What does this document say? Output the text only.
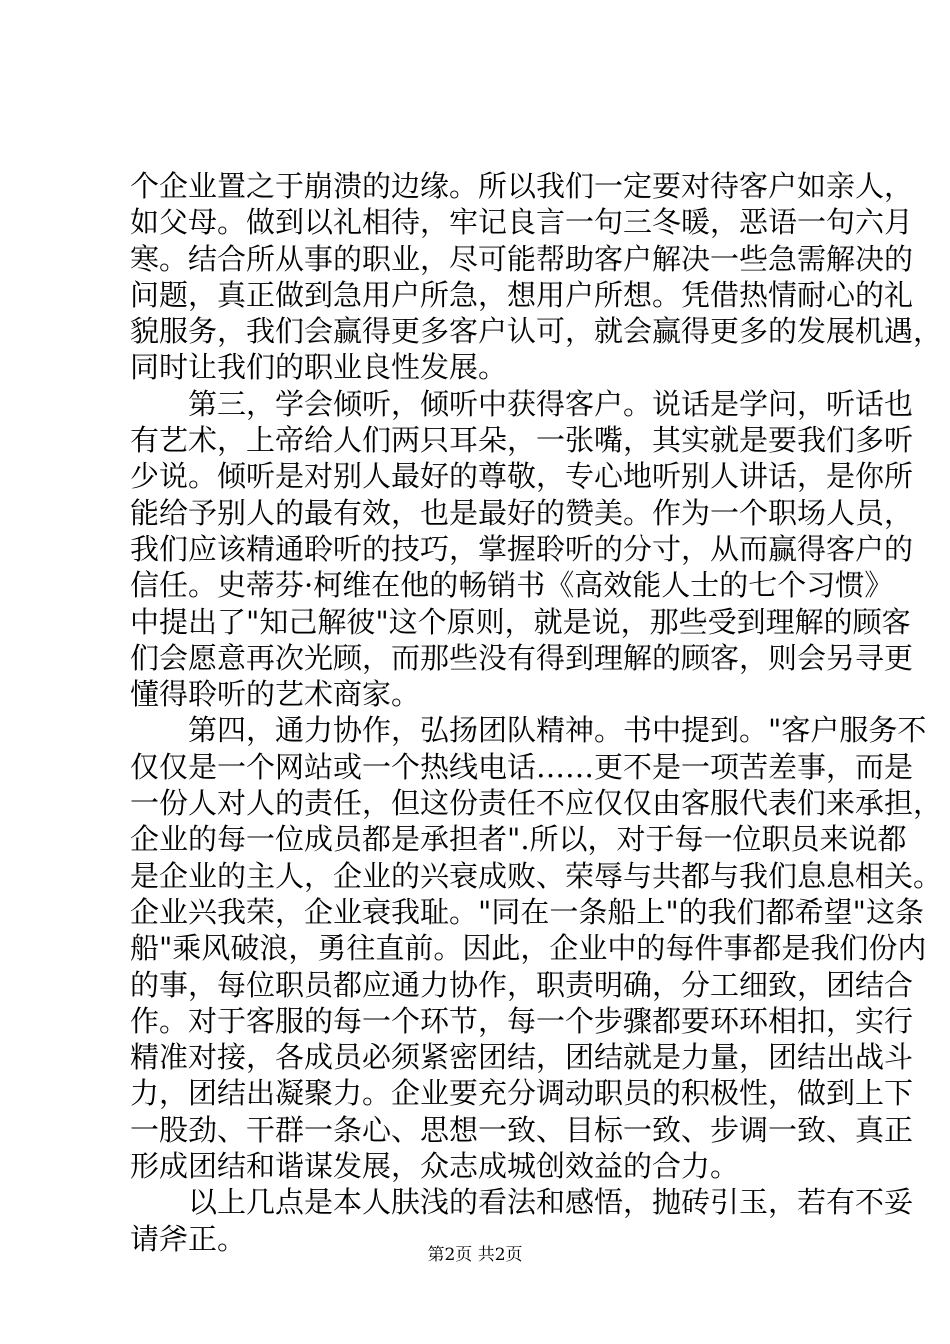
个企业置之于崩溃的边缘。所以我们一定要对待客户如亲人，
如父母。做到以礼相待，牢记良言一句三冬暖，恶语一句六月
寒。结合所从事的职业，尽可能帮助客户解决一些急需解决的
问题，真正做到急用户所急，想用户所想。凭借热情耐心的礼
貌服务，我们会赢得更多客户认可，就会赢得更多的发展机遇，
同时让我们的职业良性发展。
第三，学会倾听，倾听中获得客户。说话是学问，听话也
有艺术，上帝给人们两只耳朵，一张嘴，其实就是要我们多听
少说。倾听是对别人最好的尊敬，专心地听别人讲话，是你所
能给予别人的最有效，也是最好的赞美。作为一个职场人员，
我们应该精通聆听的技巧，掌握聆听的分寸，从而赢得客户的
信任。史蒂芬·柯维在他的畅销书《高效能人士的七个习惯》
中提出了"知己解彼"这个原则，就是说，那些受到理解的顾客
们会愿意再次光顾，而那些没有得到理解的顾客，则会另寻更
懂得聆听的艺术商家。
第四，通力协作，弘扬团队精神。书中提到。"客户服务不
仅仅是一个网站或一个热线电话……更不是一项苦差事，而是
一份人对人的责任，但这份责任不应仅仅由客服代表们来承担，
企业的每一位成员都是承担者".所以，对于每一位职员来说都
是企业的主人，企业的兴衰成败、荣辱与共都与我们息息相关。
企业兴我荣，企业衰我耻。"同在一条船上"的我们都希望"这条
船"乘风破浪，勇往直前。因此，企业中的每件事都是我们份内
的事，每位职员都应通力协作，职责明确，分工细致，团结合
作。对于客服的每一个环节，每一个步骤都要环环相扣，实行
精准对接，各成员必须紧密团结，团结就是力量，团结出战斗
力，团结出凝聚力。企业要充分调动职员的积极性，做到上下
一股劲、干群一条心、思想一致、目标一致、步调一致、真正
形成团结和谐谋发展，众志成城创效益的合力。
以上几点是本人肤浅的看法和感悟，抛砖引玉，若有不妥
请斧正。	第2页 共2页
